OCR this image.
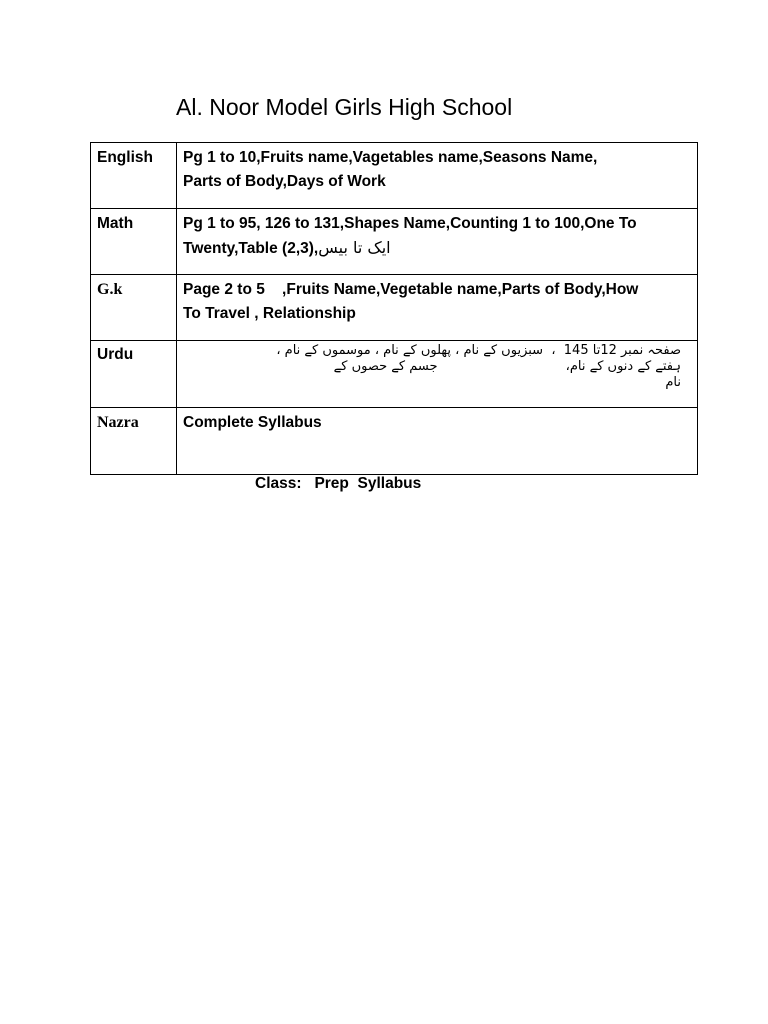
Al. Noor Model Girls High School
English	Pg 1 to 10,Fruits name,Vagetables name,Seasons Name,
Parts of Body,Days of Work

Math	Pg 1 to 95, 126 to 131,Shapes Name,Counting 1 to 100,One To
Twenty,Table (2,3),ایک تا بیس

G.k	Page 2 to 5    ,Fruits Name,Vegetable name,Parts of Body,How
To Travel , Relationship

Urdu	صفحہ نمبر 12تا 145  ،  سبزیوں کے نام ، پھلوں کے نام ، موسموں کے نام ،
ہفتے کے دنوں کے نام،                               جسم کے حصوں کے
نام

Nazra	Complete Syllabus
Class:   Prep  Syllabus
